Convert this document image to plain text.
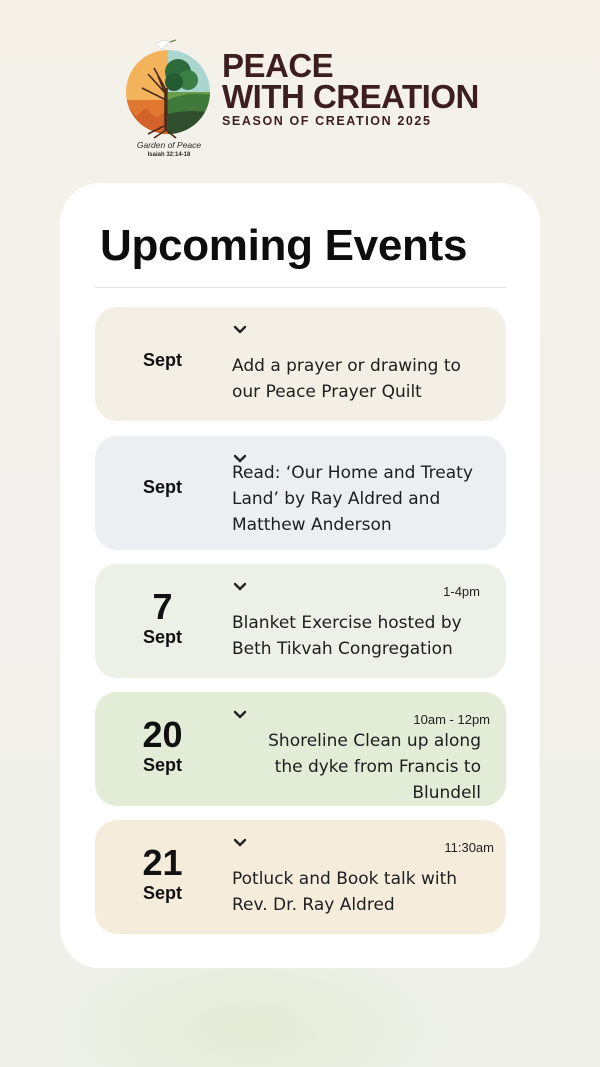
Garden of Peace
Isaiah 32:14-18
PEACE
WITH CREATION
SEASON OF CREATION 2025
Upcoming Events
Sept	Add a prayer or drawing to our Peace Prayer Quilt
Sept
Read: ‘Our Home and Treaty Land’ by Ray Aldred and Matthew Anderson
7
Sept
1-4pm
Blanket Exercise hosted by Beth Tikvah Congregation
20
Sept
10am - 12pm
Shoreline Clean up along the dyke from Francis to Blundell
21
Sept
11:30am
Potluck and Book talk with Rev. Dr. Ray Aldred
